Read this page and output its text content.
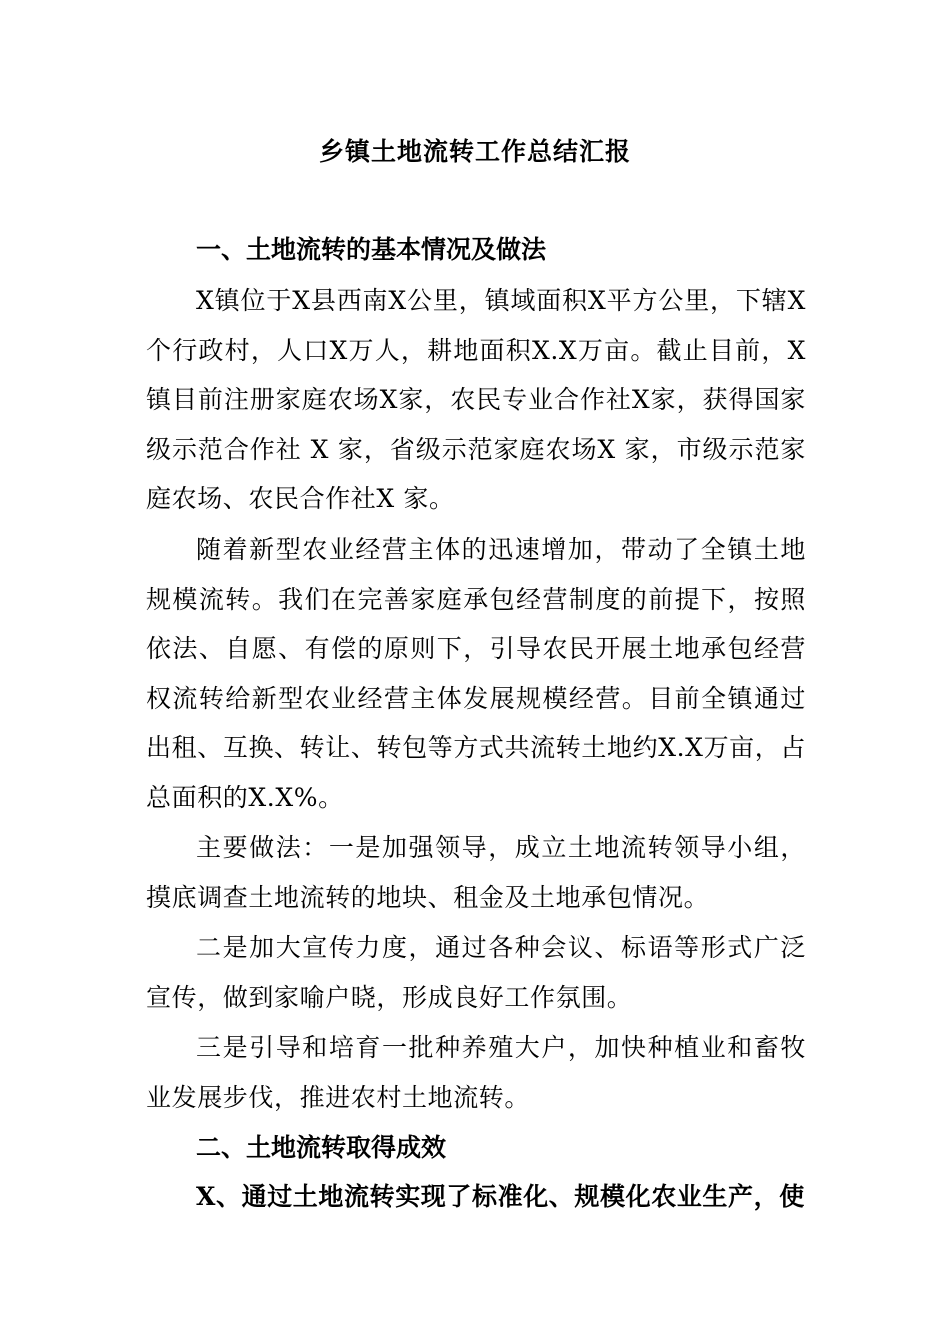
乡镇土地流转工作总结汇报
一、土地流转的基本情况及做法

X镇位于X县西南X公里，镇域面积X平方公里，下辖X个行政村，人口X万人，耕地面积X.X万亩。截止目前，X镇目前注册家庭农场X家，农民专业合作社X家，获得国家级示范合作社 X 家，省级示范家庭农场X 家，市级示范家庭农场、农民合作社X 家。

随着新型农业经营主体的迅速增加，带动了全镇土地规模流转。我们在完善家庭承包经营制度的前提下，按照依法、自愿、有偿的原则下，引导农民开展土地承包经营权流转给新型农业经营主体发展规模经营。目前全镇通过出租、互换、转让、转包等方式共流转土地约X.X万亩，占总面积的X.X%。

主要做法：一是加强领导，成立土地流转领导小组，摸底调查土地流转的地块、租金及土地承包情况。

二是加大宣传力度，通过各种会议、标语等形式广泛宣传，做到家喻户晓，形成良好工作氛围。

三是引导和培育一批种养殖大户，加快种植业和畜牧业发展步伐，推进农村土地流转。

二、土地流转取得成效

X、通过土地流转实现了标准化、规模化农业生产，使
